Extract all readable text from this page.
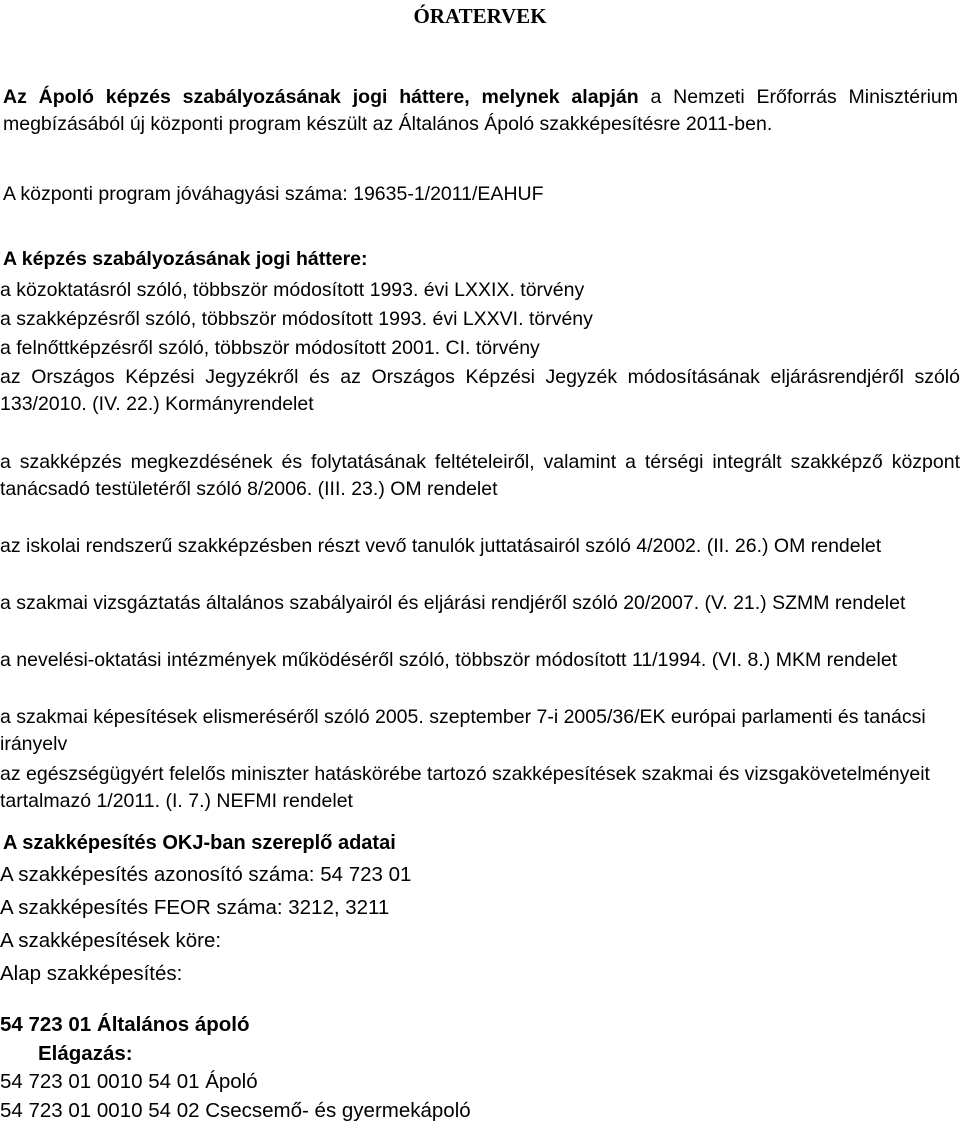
ÓRATERVEK
Az Ápoló képzés szabályozásának jogi háttere, melynek alapján a Nemzeti Erőforrás Minisztérium megbízásából új központi program készült az Általános Ápoló szakképesítésre 2011-ben.
A központi program jóváhagyási száma: 19635-1/2011/EAHUF
A képzés szabályozásának jogi háttere:
a közoktatásról szóló, többször módosított 1993. évi LXXIX. törvény
a szakképzésről szóló, többször módosított 1993. évi LXXVI. törvény
a felnőttképzésről szóló, többször módosított 2001. CI. törvény
az Országos Képzési Jegyzékről és az Országos Képzési Jegyzék módosításának eljárásrendjéről szóló 133/2010. (IV. 22.) Kormányrendelet
a szakképzés megkezdésének és folytatásának feltételeiről, valamint a térségi integrált szakképző központ tanácsadó testületéről szóló 8/2006. (III. 23.) OM rendelet
az iskolai rendszerű szakképzésben részt vevő tanulók juttatásairól szóló 4/2002. (II. 26.) OM rendelet
a szakmai vizsgáztatás általános szabályairól és eljárási rendjéről szóló 20/2007. (V. 21.) SZMM rendelet
a nevelési-oktatási intézmények működéséről szóló, többször módosított 11/1994. (VI. 8.) MKM rendelet
a szakmai képesítések elismeréséről szóló 2005. szeptember 7-i 2005/36/EK európai parlamenti és tanácsi irányelv
az egészségügyért felelős miniszter hatáskörébe tartozó szakképesítések szakmai és vizsgakövetelményeit tartalmazó 1/2011. (I. 7.) NEFMI rendelet
A szakképesítés OKJ-ban szereplő adatai
A szakképesítés azonosító száma: 54 723 01
A szakképesítés FEOR száma: 3212, 3211
A szakképesítések köre:
Alap szakképesítés:
54 723 01 Általános ápoló
Elágazás:
54 723 01 0010 54 01 Ápoló
54 723 01 0010 54 02 Csecsemő- és gyermekápoló
